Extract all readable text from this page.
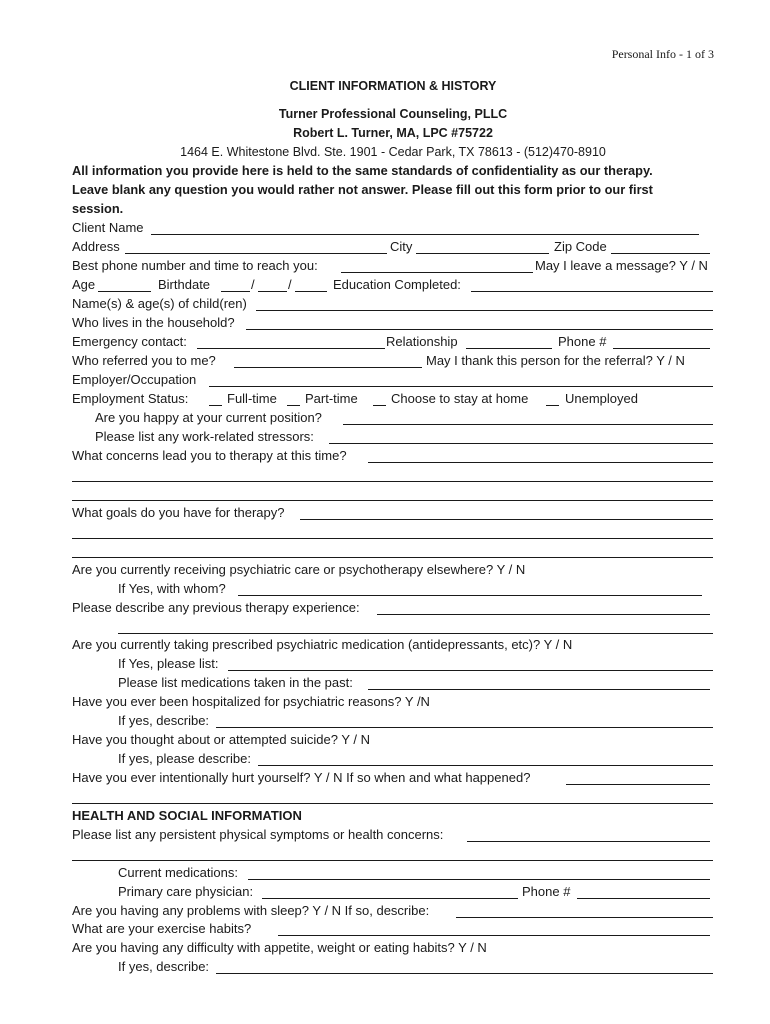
Personal Info - 1 of 3
CLIENT INFORMATION & HISTORY
Turner Professional Counseling, PLLC
Robert L. Turner, MA, LPC #75722
1464 E. Whitestone Blvd. Ste. 1901 - Cedar Park, TX 78613 - (512)470-8910
All information you provide here is held to the same standards of confidentiality as our therapy.
Leave blank any question you would rather not answer. Please fill out this form prior to our first
session.
Client Name
Address	City	Zip Code
Best phone number and time to reach you:	May I leave a message? Y / N
Age	Birthdate	/	/	Education Completed:
Name(s) & age(s) of child(ren)
Who lives in the household?
Emergency contact:	Relationship	Phone #
Who referred you to me?	May I thank this person for the referral? Y / N
Employer/Occupation
Employment Status:	Full-time Part-time	Choose to stay at home	Unemployed
Are you happy at your current position?
Please list any work-related stressors:
What concerns lead you to therapy at this time?
What goals do you have for therapy?
Are you currently receiving psychiatric care or psychotherapy elsewhere? Y / N
If Yes, with whom?
Please describe any previous therapy experience:
Are you currently taking prescribed psychiatric medication (antidepressants, etc)? Y / N
If Yes, please list:
Please list medications taken in the past:
Have you ever been hospitalized for psychiatric reasons? Y /N
If yes, describe:
Have you thought about or attempted suicide? Y / N
If yes, please describe:
Have you ever intentionally hurt yourself? Y / N If so when and what happened?
HEALTH AND SOCIAL INFORMATION
Please list any persistent physical symptoms or health concerns:
Current medications:
Primary care physician:	Phone #
Are you having any problems with sleep? Y / N If so, describe:
What are your exercise habits?
Are you having any difficulty with appetite, weight or eating habits? Y / N
If yes, describe:
